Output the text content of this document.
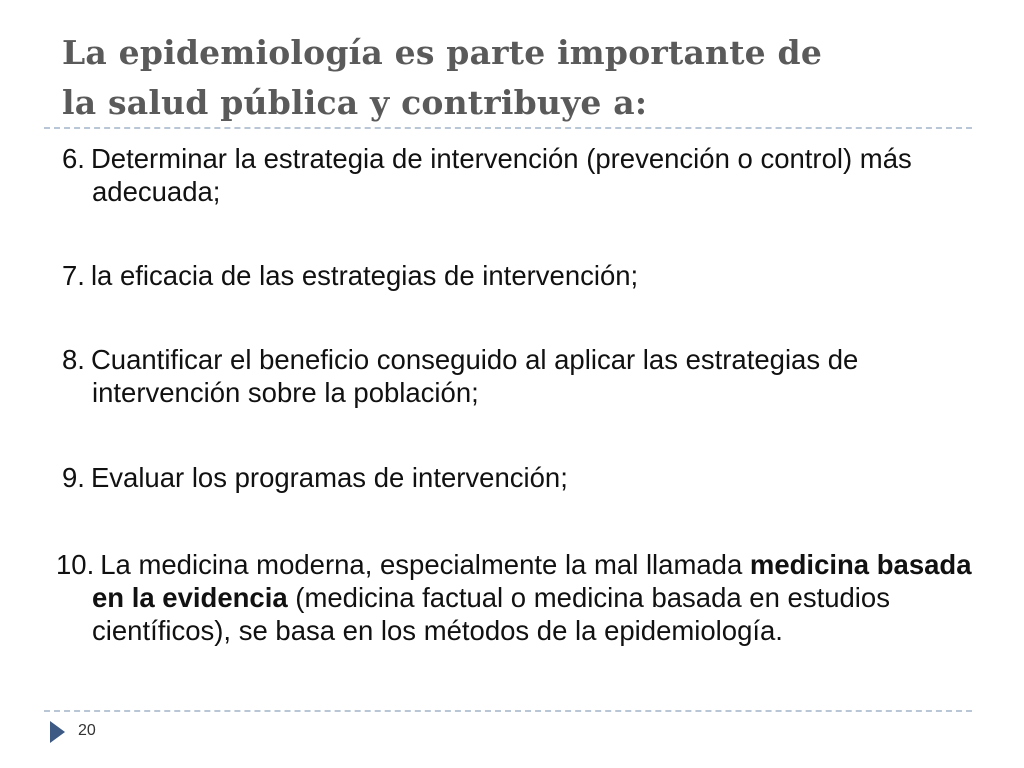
La epidemiología es parte importante de
la salud pública y contribuye a:
6. Determinar la estrategia de intervención (prevención o control) más adecuada;
7. la eficacia de las estrategias de intervención;
8. Cuantificar el beneficio conseguido al aplicar las estrategias de intervención sobre la población;
9. Evaluar los programas de intervención;
10. La medicina moderna, especialmente la mal llamada medicina basada en la evidencia (medicina factual o medicina basada en estudios científicos), se basa en los métodos de la epidemiología.
20
